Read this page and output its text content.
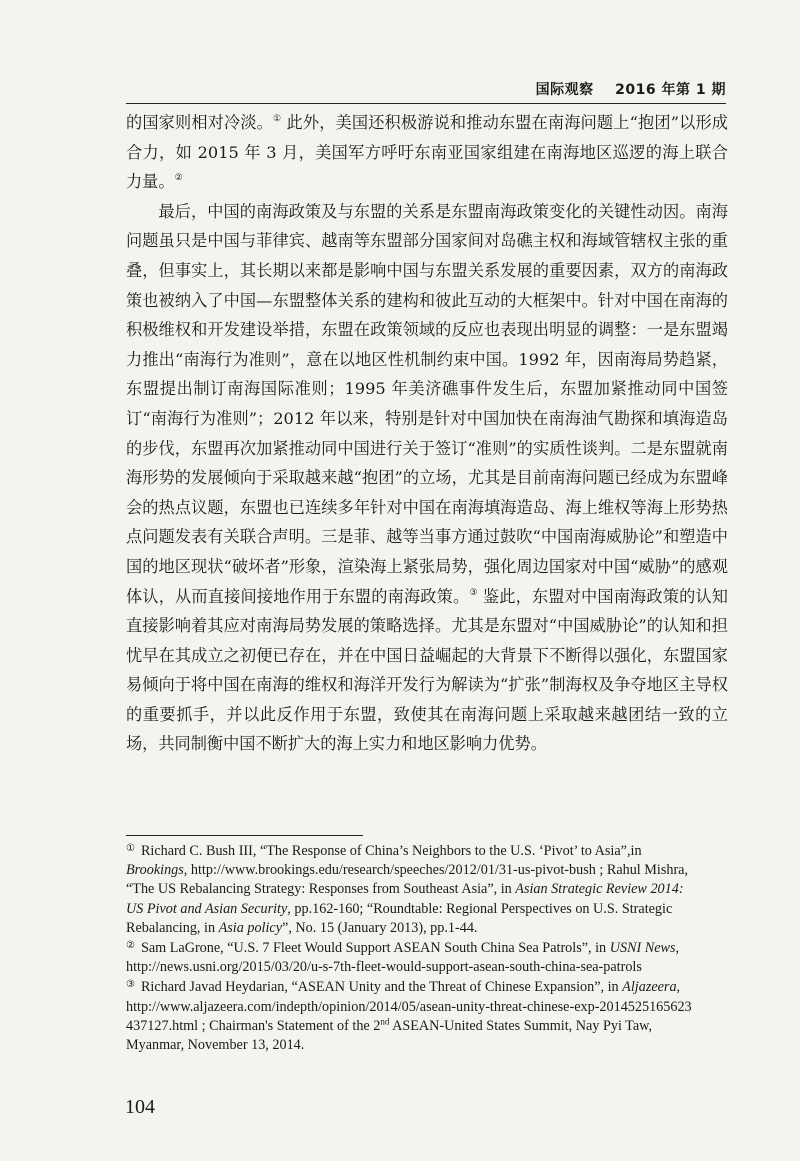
国际观察 2016 年第 1 期

的国家则相对冷淡。① 此外，美国还积极游说和推动东盟在南海问题上“抱团”以形成合力，如 2015 年 3 月，美国军方呼吁东南亚国家组建在南海地区巡逻的海上联合力量。②

最后，中国的南海政策及与东盟的关系是东盟南海政策变化的关键性动因。南海问题虽只是中国与菲律宾、越南等东盟部分国家间对岛礁主权和海域管辖权主张的重叠，但事实上，其长期以来都是影响中国与东盟关系发展的重要因素，双方的南海政策也被纳入了中国—东盟整体关系的建构和彼此互动的大框架中。针对中国在南海的积极维权和开发建设举措，东盟在政策领域的反应也表现出明显的调整：一是东盟竭力推出“南海行为准则”，意在以地区性机制约束中国。1992 年，因南海局势趋紧，东盟提出制订南海国际准则；1995 年美济礁事件发生后，东盟加紧推动同中国签订“南海行为准则”；2012 年以来，特别是针对中国加快在南海油气勘探和填海造岛的步伐，东盟再次加紧推动同中国进行关于签订“准则”的实质性谈判。二是东盟就南海形势的发展倾向于采取越来越“抱团”的立场，尤其是目前南海问题已经成为东盟峰会的热点议题，东盟也已连续多年针对中国在南海填海造岛、海上维权等海上形势热点问题发表有关联合声明。三是菲、越等当事方通过鼓吹“中国南海威胁论”和塑造中国的地区现状“破坏者”形象，渲染海上紧张局势，强化周边国家对中国“威胁”的感观体认，从而直接间接地作用于东盟的南海政策。③ 鉴此，东盟对中国南海政策的认知直接影响着其应对南海局势发展的策略选择。尤其是东盟对“中国威胁论”的认知和担忧早在其成立之初便已存在，并在中国日益崛起的大背景下不断得以强化，东盟国家易倾向于将中国在南海的维权和海洋开发行为解读为“扩张”制海权及争夺地区主导权的重要抓手，并以此反作用于东盟，致使其在南海问题上采取越来越团结一致的立场，共同制衡中国不断扩大的海上实力和地区影响力优势。

① Richard C. Bush III, “The Response of China’s Neighbors to the U.S. ‘Pivot’ to Asia”,in
Brookings, http://www.brookings.edu/research/speeches/2012/01/31-us-pivot-bush ; Rahul Mishra,
“The US Rebalancing Strategy: Responses from Southeast Asia”, in Asian Strategic Review 2014:
US Pivot and Asian Security, pp.162-160; “Roundtable: Regional Perspectives on U.S. Strategic
Rebalancing, in Asia policy”, No. 15 (January 2013), pp.1-44.
② Sam LaGrone, “U.S. 7 Fleet Would Support ASEAN South China Sea Patrols”, in USNI News,
http://news.usni.org/2015/03/20/u-s-7th-fleet-would-support-asean-south-china-sea-patrols
③ Richard Javad Heydarian, “ASEAN Unity and the Threat of Chinese Expansion”, in Aljazeera,
http://www.aljazeera.com/indepth/opinion/2014/05/asean-unity-threat-chinese-exp-2014525165623
437127.html ; Chairman's Statement of the 2nd ASEAN-United States Summit, Nay Pyi Taw,
Myanmar, November 13, 2014.
104
